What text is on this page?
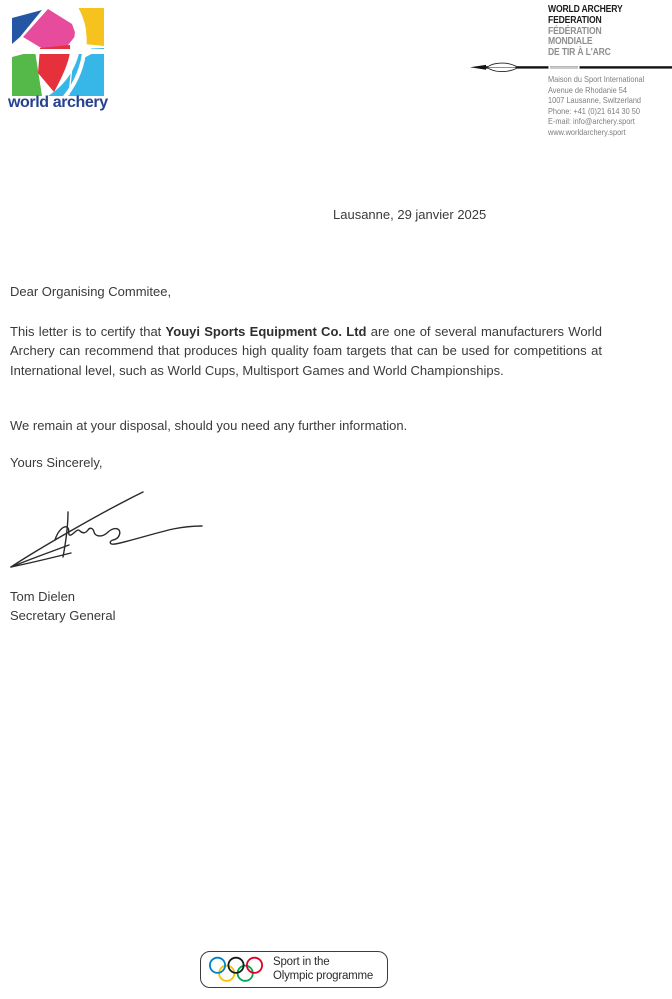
world archery
WORLD ARCHERY
FEDERATION
FÉDÉRATION
MONDIALE
DE TIR À L'ARC
Maison du Sport International
Avenue de Rhodanie 54
1007 Lausanne, Switzerland
Phone: +41 (0)21 614 30 50
E-mail: info@archery.sport
www.worldarchery.sport
Lausanne, 29 janvier 2025
Dear Organising Commitee,

This letter is to certify that Youyi Sports Equipment Co. Ltd are one of several manufacturers World Archery can recommend that produces high quality foam targets that can be used for competitions at International level, such as World Cups, Multisport Games and World Championships.

We remain at your disposal, should you need any further information.
Yours Sincerely,
Tom Dielen
Secretary General
Sport in the
Olympic programme
